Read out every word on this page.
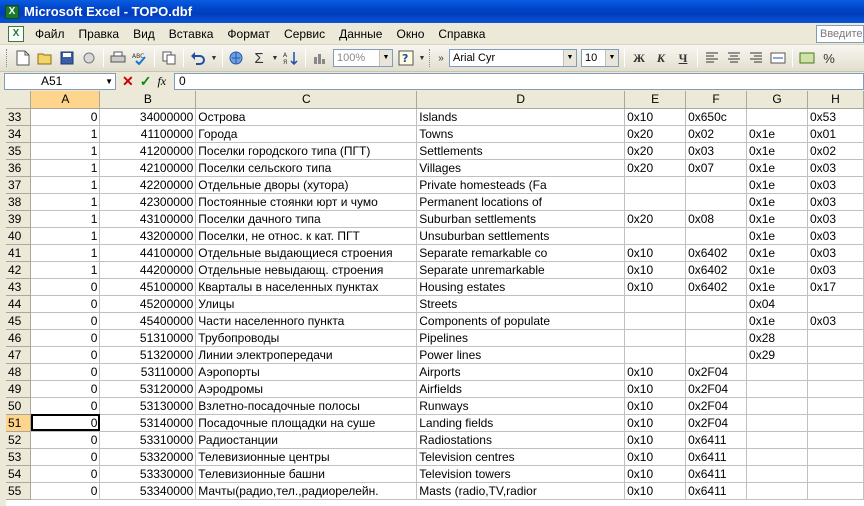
X Microsoft Excel - TOPO.dbf
X	Файл	Правка	Вид	Вставка	Формат	Сервис	Данные	Окно	Справка	Введите
ABC	▼	Σ	▼ A
Я	100%	▼ ? ▼ » Arial Cyr	▼ 10	▼	Ж К	Ч	%
A51	▼ ✕ ✓ fx	0
	A	B	C	D	E	F	G	H
33	0	34000000	Острова	Islands	0x10	0x650c		0x53
34	1	41100000	Города	Towns	0x20	0x02	0x1e	0x01
35	1	41200000	Поселки городского типа (ПГТ)	Settlements	0x20	0x03	0x1e	0x02
36	1	42100000	Поселки сельского типа	Villages	0x20	0x07	0x1e	0x03
37	1	42200000	Отдельные дворы (хутора)	Private homesteads (Fa			0x1e	0x03
38	1	42300000	Постоянные стоянки юрт и чумо	Permanent locations of			0x1e	0x03
39	1	43100000	Поселки дачного типа	Suburban settlements	0x20	0x08	0x1e	0x03
40	1	43200000	Поселки, не относ. к кат. ПГТ	Unsuburban settlements			0x1e	0x03
41	1	44100000	Отдельные выдающиеся строения	Separate remarkable co	0x10	0x6402	0x1e	0x03
42	1	44200000	Отдельные невыдающ. строения	Separate unremarkable	0x10	0x6402	0x1e	0x03
43	0	45100000	Кварталы в населенных пунктах	Housing estates	0x10	0x6402	0x1e	0x17
44	0	45200000	Улицы	Streets			0x04	
45	0	45400000	Части населенного пункта	Components of populate			0x1e	0x03
46	0	51310000	Трубопроводы	Pipelines			0x28	
47	0	51320000	Линии электропередачи	Power lines			0x29	
48	0	53110000	Аэропорты	Airports	0x10	0x2F04		
49	0	53120000	Аэродромы	Airfields	0x10	0x2F04		
50	0	53130000	Взлетно-посадочные полосы	Runways	0x10	0x2F04		
51	0	53140000	Посадочные площадки на суше	Landing fields	0x10	0x2F04		
52	0	53310000	Радиостанции	Radiostations	0x10	0x6411		
53	0	53320000	Телевизионные центры	Television centres	0x10	0x6411		
54	0	53330000	Телевизионные башни	Television towers	0x10	0x6411		
55	0	53340000	Мачты(радио,тел.,радиорелейн.	Masts (radio,TV,radior	0x10	0x6411		
